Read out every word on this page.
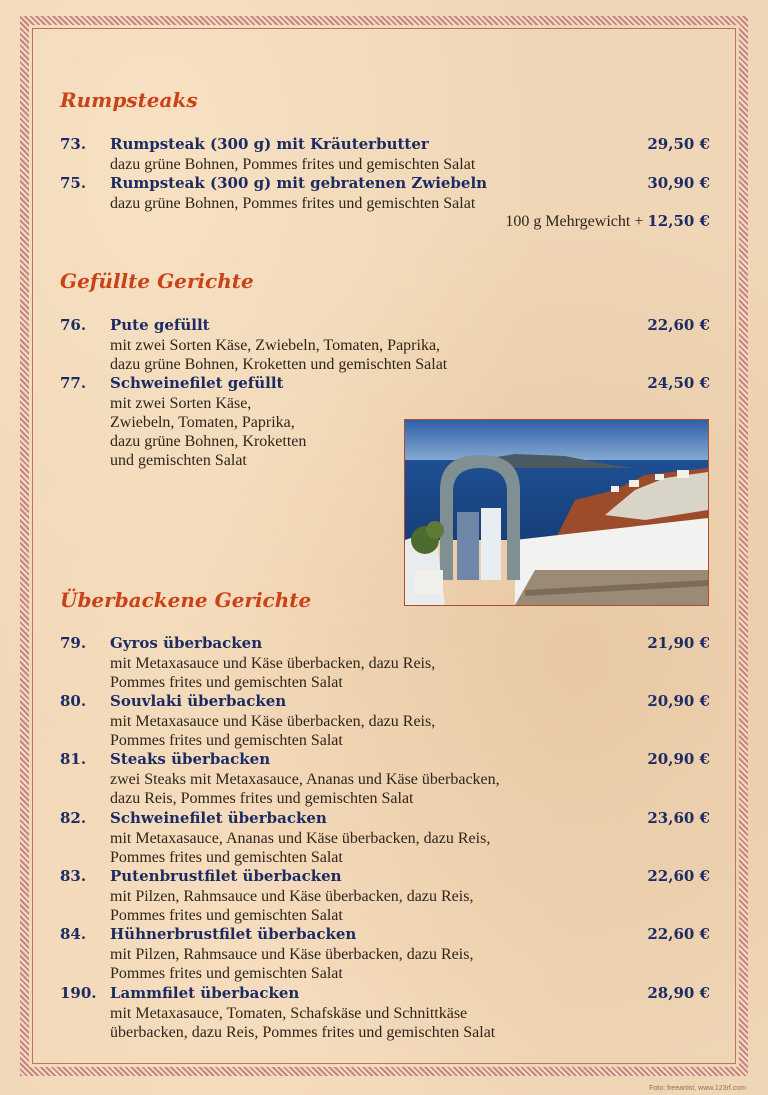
Rumpsteaks
73. Rumpsteak (300 g) mit Kräuterbutter	29,50 €
dazu grüne Bohnen, Pommes frites und gemischten Salat
75. Rumpsteak (300 g) mit gebratenen Zwiebeln	30,90 €
dazu grüne Bohnen, Pommes frites und gemischten Salat
100 g Mehrgewicht + 12,50 €
Gefüllte Gerichte
76. Pute gefüllt	22,60 €
mit zwei Sorten Käse, Zwiebeln, Tomaten, Paprika,
dazu grüne Bohnen, Kroketten und gemischten Salat
77. Schweinefilet gefüllt	24,50 €
mit zwei Sorten Käse,
Zwiebeln, Tomaten, Paprika,
dazu grüne Bohnen, Kroketten
und gemischten Salat
Überbackene Gerichte
79. Gyros überbacken	21,90 €
mit Metaxasauce und Käse überbacken, dazu Reis,
Pommes frites und gemischten Salat
80. Souvlaki überbacken	20,90 €
mit Metaxasauce und Käse überbacken, dazu Reis,
Pommes frites und gemischten Salat
81. Steaks überbacken	20,90 €
zwei Steaks mit Metaxasauce, Ananas und Käse überbacken,
dazu Reis, Pommes frites und gemischten Salat
82. Schweinefilet überbacken	23,60 €
mit Metaxasauce, Ananas und Käse überbacken, dazu Reis,
Pommes frites und gemischten Salat
83. Putenbrustfilet überbacken	22,60 €
mit Pilzen, Rahmsauce und Käse überbacken, dazu Reis,
Pommes frites und gemischten Salat
84. Hühnerbrustfilet überbacken	22,60 €
mit Pilzen, Rahmsauce und Käse überbacken, dazu Reis,
Pommes frites und gemischten Salat
190. Lammfilet überbacken	28,90 €
mit Metaxasauce, Tomaten, Schafskäse und Schnittkäse
überbacken, dazu Reis, Pommes frites und gemischten Salat
Foto: freeartist, www.123rf.com
